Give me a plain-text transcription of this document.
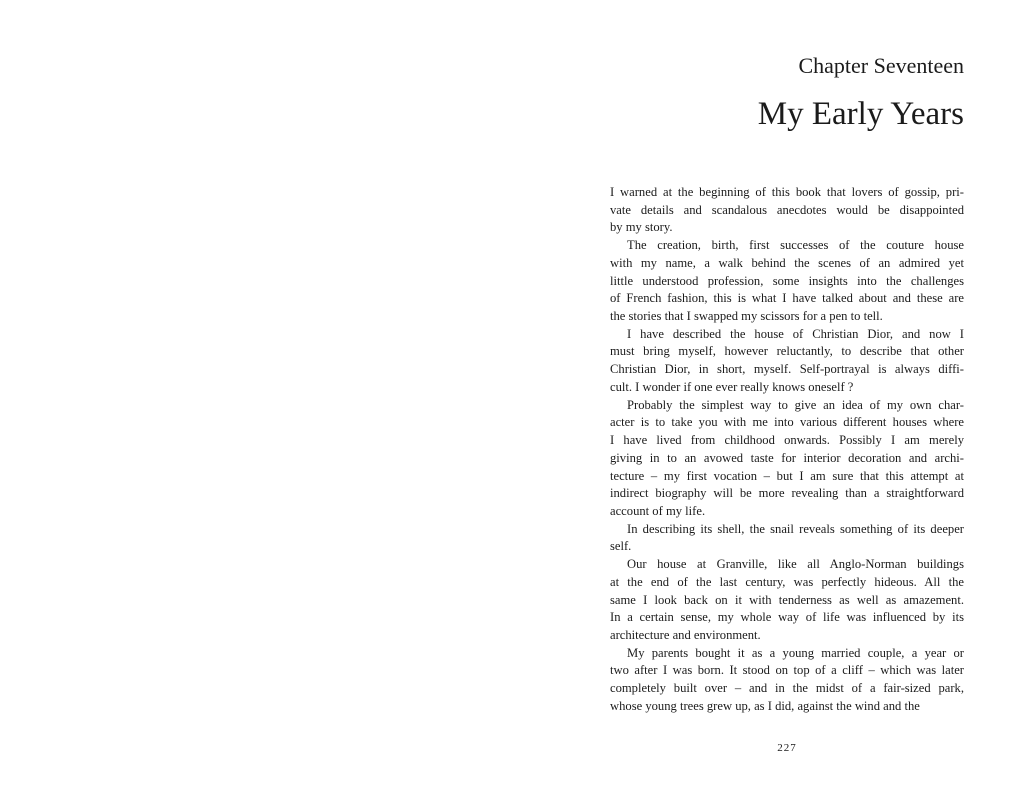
Chapter Seventeen
My Early Years

I warned at the beginning of this book that lovers of gossip, pri-
vate details and scandalous anecdotes would be disappointed
by my story.

The creation, birth, first successes of the couture house
with my name, a walk behind the scenes of an admired yet
little understood profession, some insights into the challenges
of French fashion, this is what I have talked about and these are
the stories that I swapped my scissors for a pen to tell.

I have described the house of Christian Dior, and now I
must bring myself, however reluctantly, to describe that other
Christian Dior, in short, myself. Self-portrayal is always diffi-
cult. I wonder if one ever really knows oneself ?

Probably the simplest way to give an idea of my own char-
acter is to take you with me into various different houses where
I have lived from childhood onwards. Possibly I am merely
giving in to an avowed taste for interior decoration and archi-
tecture – my first vocation – but I am sure that this attempt at
indirect biography will be more revealing than a straightforward
account of my life.

In describing its shell, the snail reveals something of its deeper
self.

Our house at Granville, like all Anglo-Norman buildings
at the end of the last century, was perfectly hideous. All the
same I look back on it with tenderness as well as amazement.
In a certain sense, my whole way of life was influenced by its
architecture and environment.

My parents bought it as a young married couple, a year or
two after I was born. It stood on top of a cliff – which was later
completely built over – and in the midst of a fair-sized park,
whose young trees grew up, as I did, against the wind and the

227
